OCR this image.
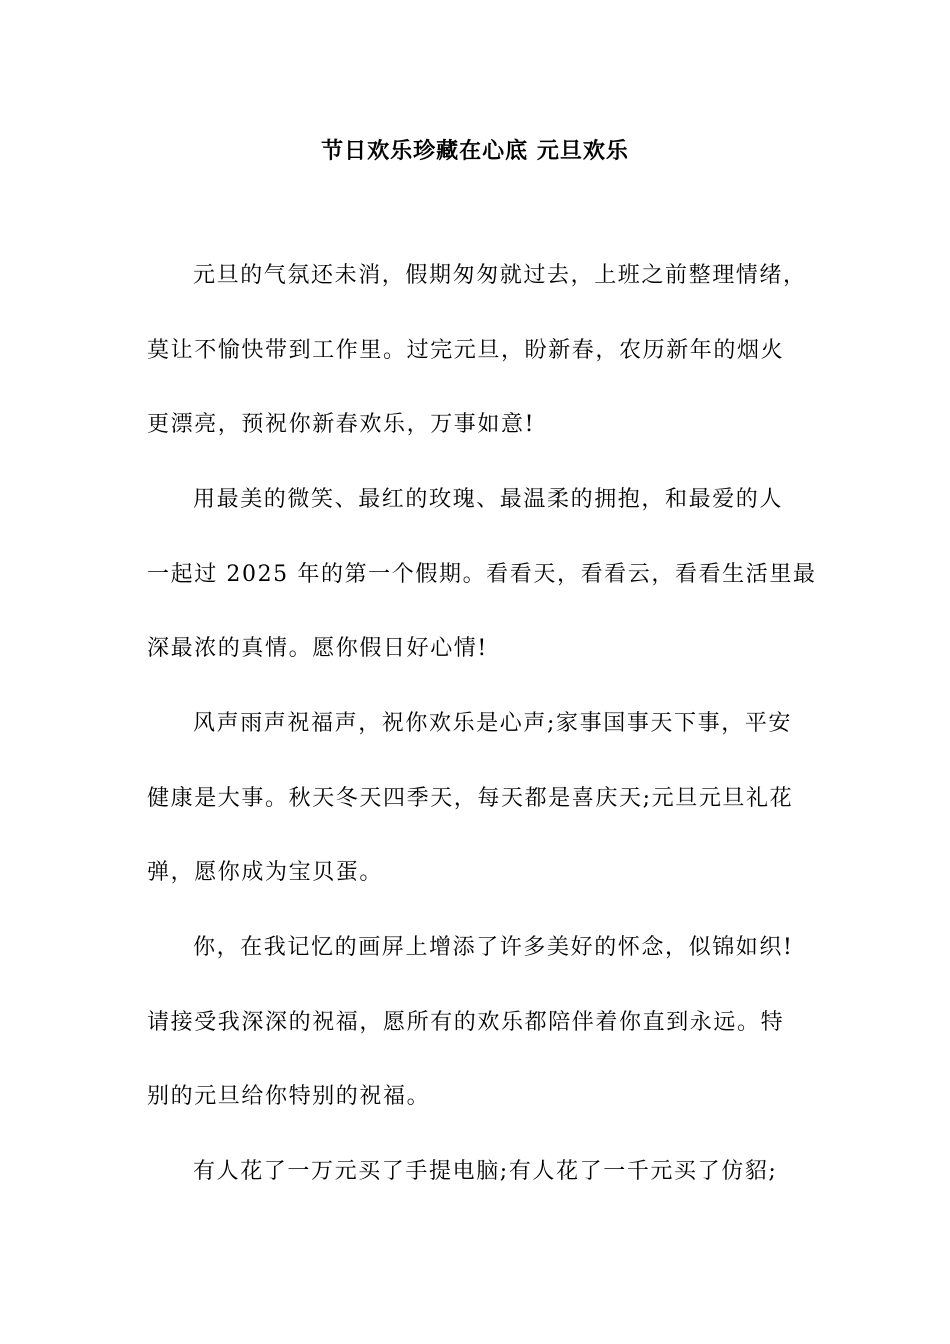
节日欢乐珍藏在心底 元旦欢乐
元旦的气氛还未消，假期匆匆就过去，上班之前整理情绪，
莫让不愉快带到工作里。过完元旦，盼新春，农历新年的烟火
更漂亮，预祝你新春欢乐，万事如意!
用最美的微笑、最红的玫瑰、最温柔的拥抱，和最爱的人
一起过 2025 年的第一个假期。看看天，看看云，看看生活里最
深最浓的真情。愿你假日好心情!
风声雨声祝福声，祝你欢乐是心声;家事国事天下事，平安
健康是大事。秋天冬天四季天，每天都是喜庆天;元旦元旦礼花
弹，愿你成为宝贝蛋。
你，在我记忆的画屏上增添了许多美好的怀念，似锦如织!
请接受我深深的祝福，愿所有的欢乐都陪伴着你直到永远。特
别的元旦给你特别的祝福。
有人花了一万元买了手提电脑;有人花了一千元买了仿貂;
